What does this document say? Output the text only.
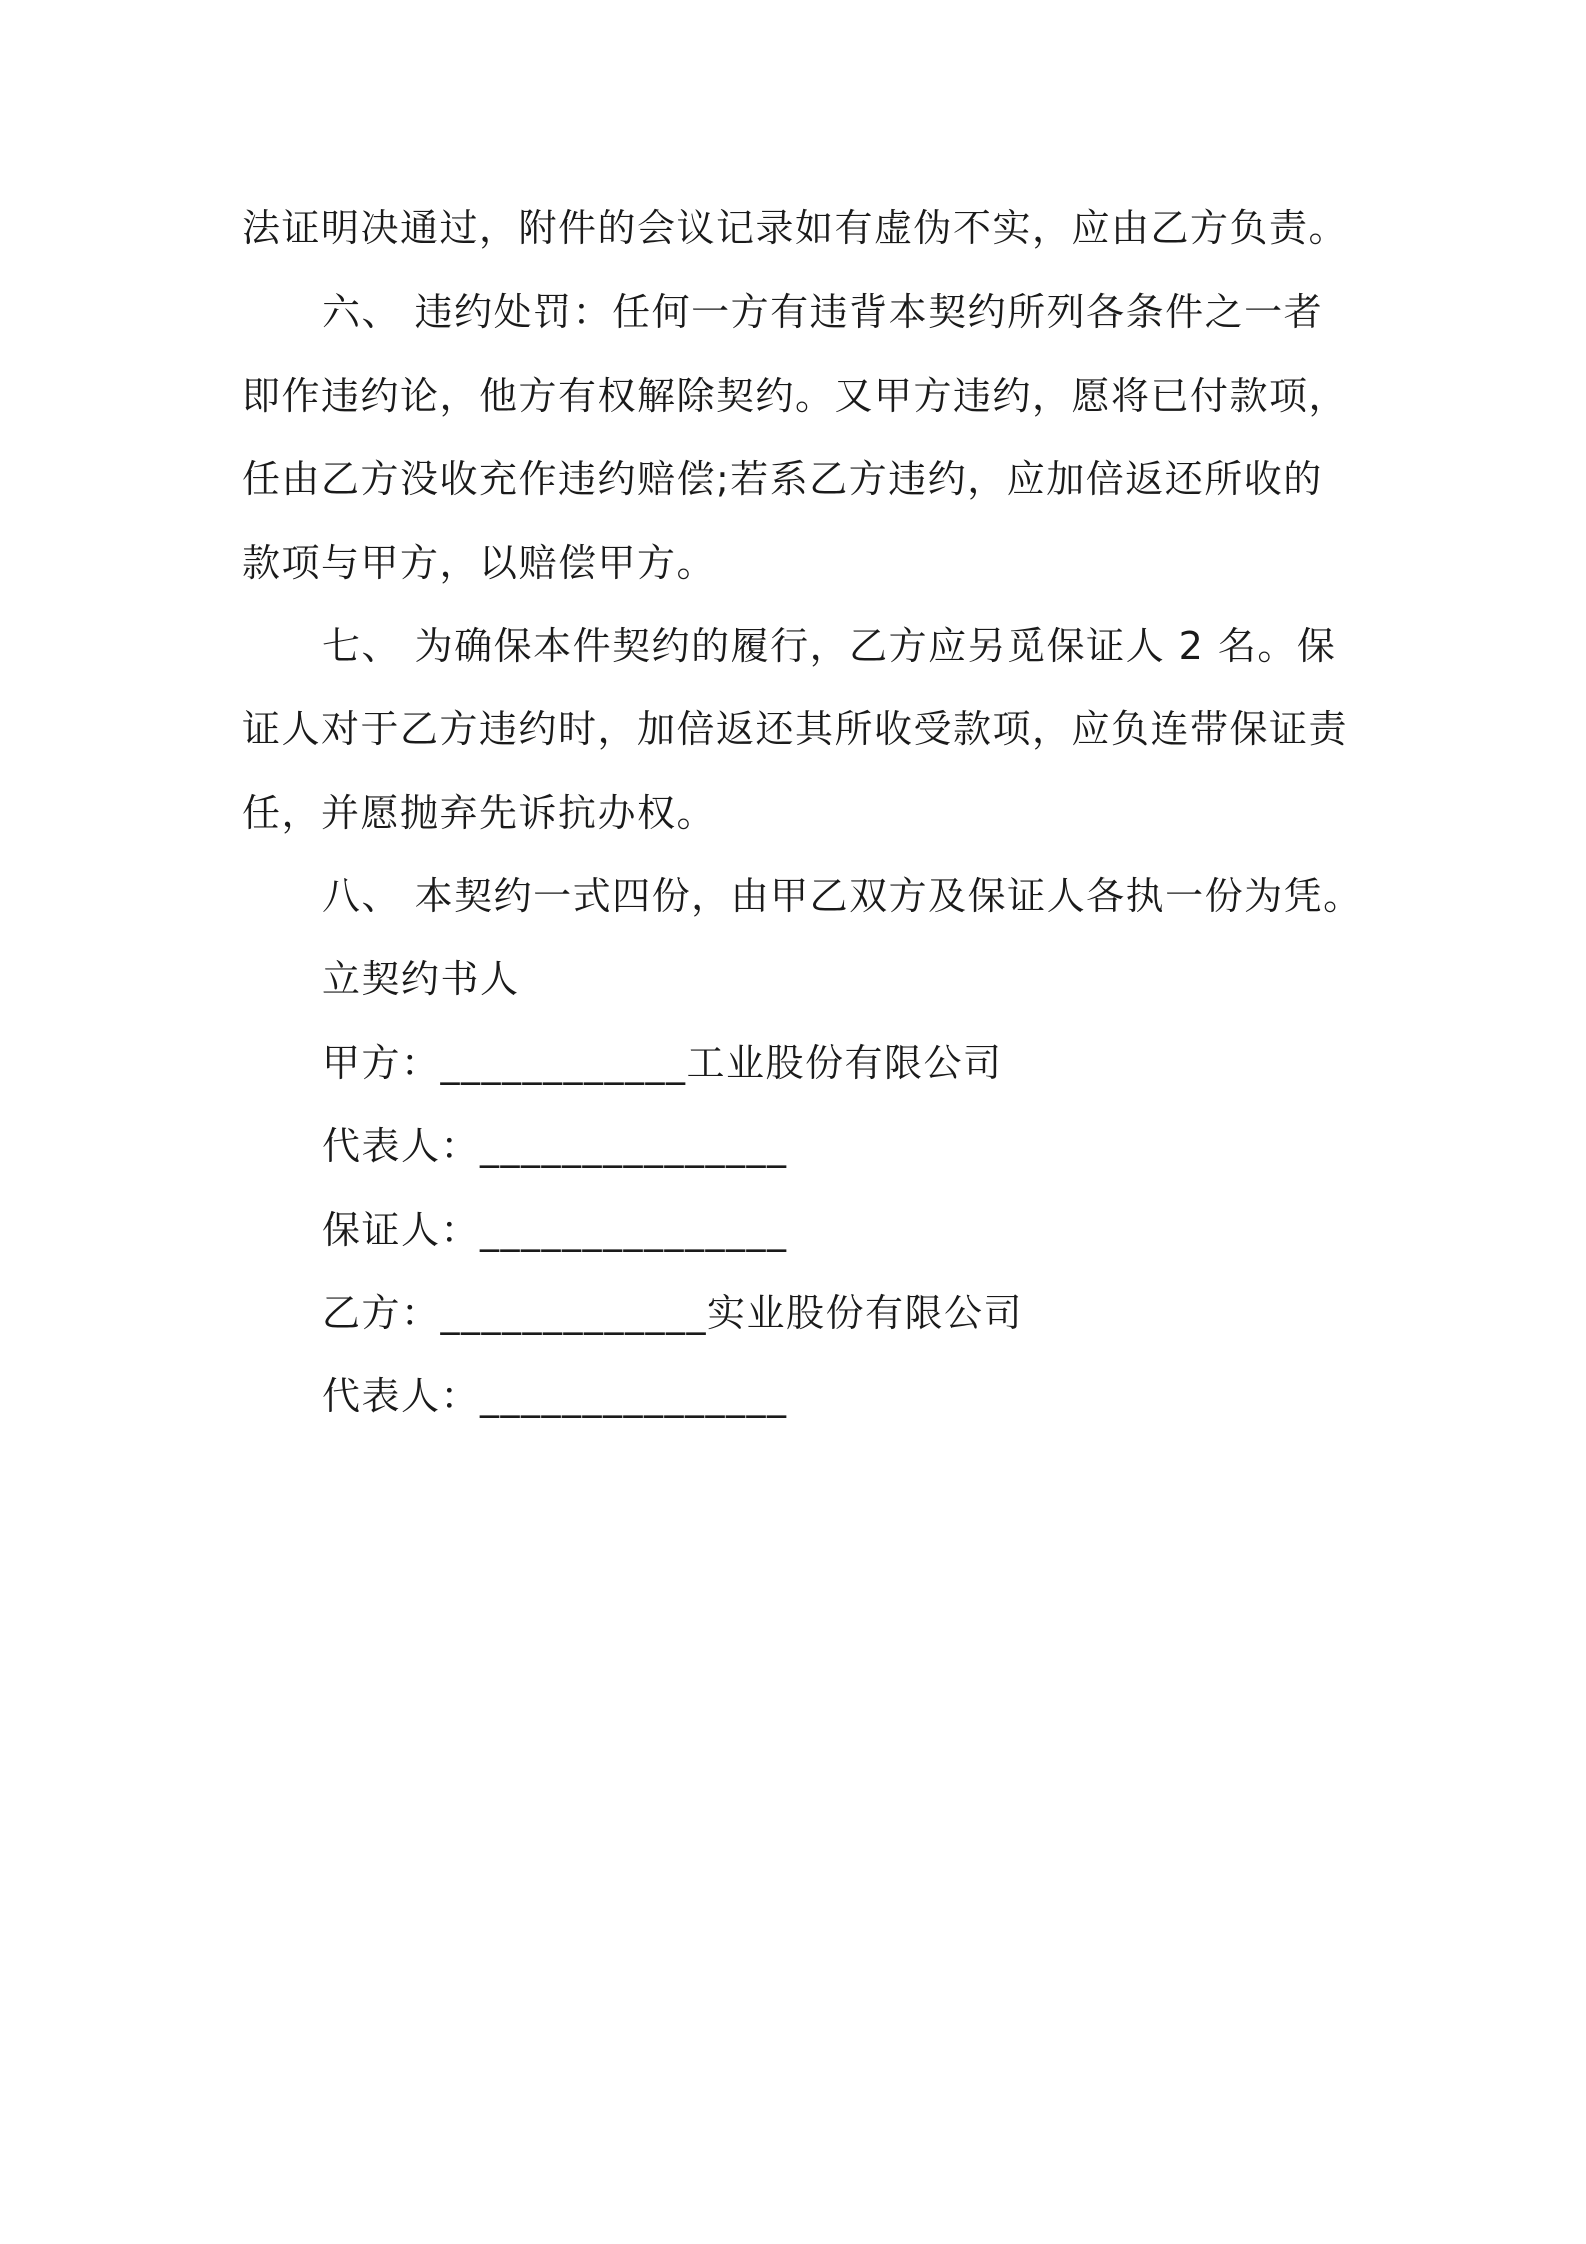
法证明决通过，附件的会议记录如有虚伪不实，应由乙方负责。
六、 违约处罚：任何一方有违背本契约所列各条件之一者
即作违约论，他方有权解除契约。又甲方违约，愿将已付款项，
任由乙方没收充作违约赔偿;若系乙方违约，应加倍返还所收的
款项与甲方，以赔偿甲方。
七、 为确保本件契约的履行，乙方应另觅保证人 2 名。保
证人对于乙方违约时，加倍返还其所收受款项，应负连带保证责
任，并愿抛弃先诉抗办权。
八、 本契约一式四份，由甲乙双方及保证人各执一份为凭。
立契约书人
甲方：____________工业股份有限公司
代表人：_______________
保证人：_______________
乙方：_____________实业股份有限公司
代表人：_______________
